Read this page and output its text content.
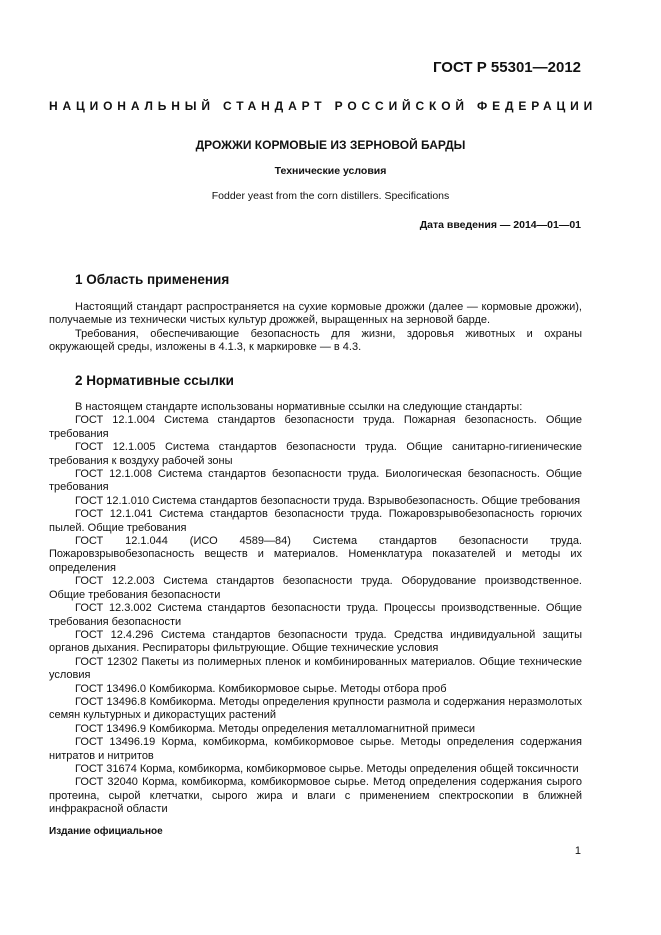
ГОСТ Р 55301—2012
НАЦИОНАЛЬНЫЙ СТАНДАРТ РОССИЙСКОЙ ФЕДЕРАЦИИ
ДРОЖЖИ КОРМОВЫЕ ИЗ ЗЕРНОВОЙ БАРДЫ
Технические условия
Fodder yeast from the corn distillers. Specifications
Дата введения — 2014—01—01
1 Область применения

Настоящий стандарт распространяется на сухие кормовые дрожжи (далее — кормовые дрожжи), получаемые из технически чистых культур дрожжей, выращенных на зерновой барде.

Требования, обеспечивающие безопасность для жизни, здоровья животных и охраны окружающей среды, изложены в 4.1.3, к маркировке — в 4.3.

2 Нормативные ссылки

В настоящем стандарте использованы нормативные ссылки на следующие стандарты:

ГОСТ 12.1.004 Система стандартов безопасности труда. Пожарная безопасность. Общие требования

ГОСТ 12.1.005 Система стандартов безопасности труда. Общие санитарно-гигиенические требования к воздуху рабочей зоны

ГОСТ 12.1.008 Система стандартов безопасности труда. Биологическая безопасность. Общие требования

ГОСТ 12.1.010 Система стандартов безопасности труда. Взрывобезопасность. Общие требования

ГОСТ 12.1.041 Система стандартов безопасности труда. Пожаровзрывобезопасность горючих пылей. Общие требования

ГОСТ 12.1.044 (ИСО 4589—84) Система стандартов безопасности труда. Пожаровзрывобезопасность веществ и материалов. Номенклатура показателей и методы их определения

ГОСТ 12.2.003 Система стандартов безопасности труда. Оборудование производственное. Общие требования безопасности

ГОСТ 12.3.002 Система стандартов безопасности труда. Процессы производственные. Общие требования безопасности

ГОСТ 12.4.296 Система стандартов безопасности труда. Средства индивидуальной защиты органов дыхания. Респираторы фильтрующие. Общие технические условия

ГОСТ 12302 Пакеты из полимерных пленок и комбинированных материалов. Общие технические условия

ГОСТ 13496.0 Комбикорма. Комбикормовое сырье. Методы отбора проб

ГОСТ 13496.8 Комбикорма. Методы определения крупности размола и содержания неразмолотых семян культурных и дикорастущих растений

ГОСТ 13496.9 Комбикорма. Методы определения металломагнитной примеси

ГОСТ 13496.19 Корма, комбикорма, комбикормовое сырье. Методы определения содержания нитратов и нитритов

ГОСТ 31674 Корма, комбикорма, комбикормовое сырье. Методы определения общей токсичности

ГОСТ 32040 Корма, комбикорма, комбикормовое сырье. Метод определения содержания сырого протеина, сырой клетчатки, сырого жира и влаги с применением спектроскопии в ближней инфракрасной области

Издание официальное
1
